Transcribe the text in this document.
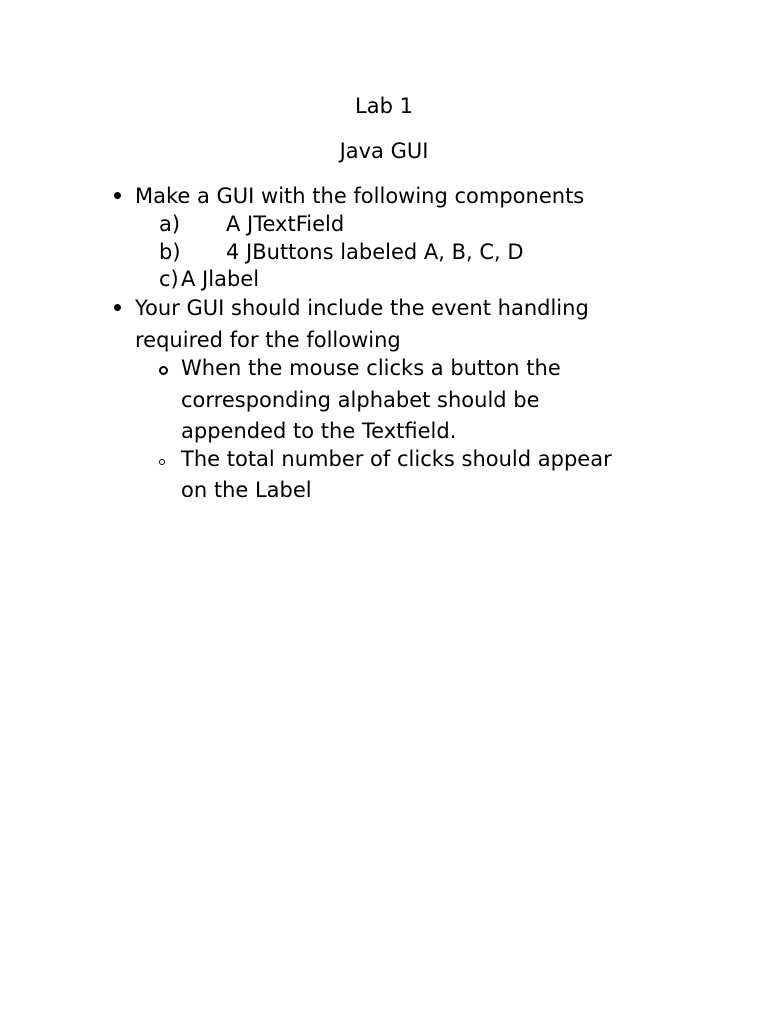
Lab 1
Java GUI
Make a GUI with the following components
a) A JTextField
b) 4 JButtons labeled A, B, C, D
c) A Jlabel
Your GUI should include the event handling
required for the following
When the mouse clicks a button the
corresponding alphabet should be
appended to the Textfield.
The total number of clicks should appear
on the Label
